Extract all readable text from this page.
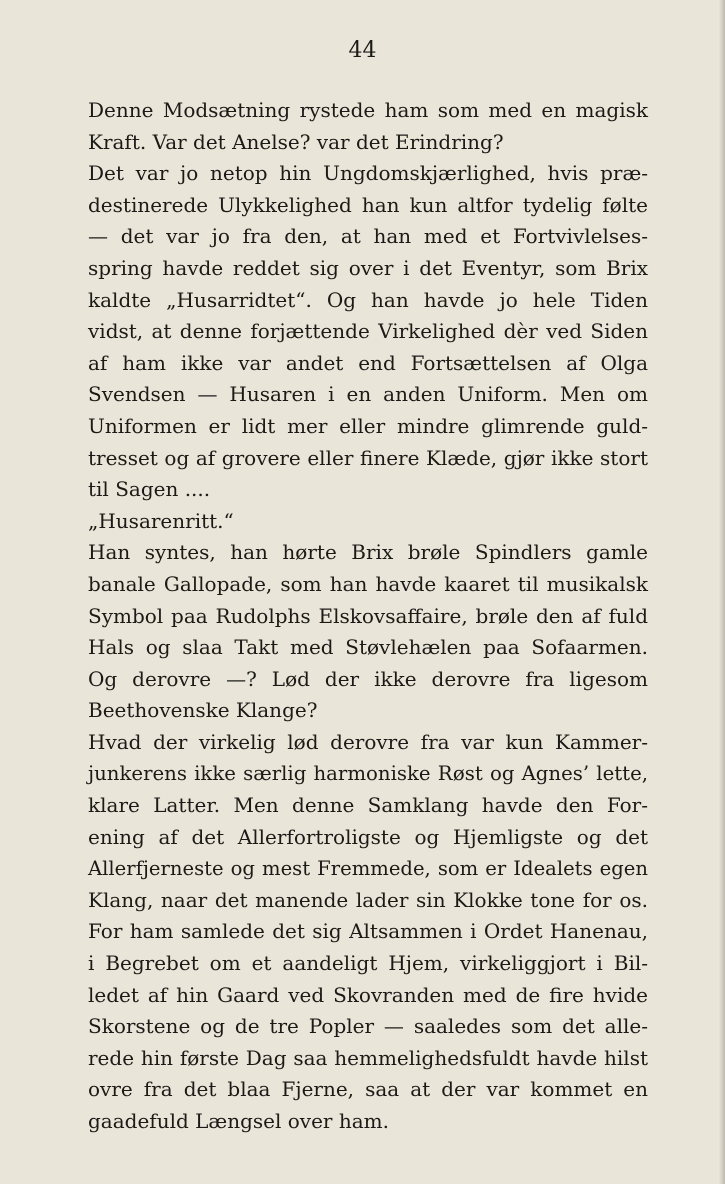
44
Denne Modsætning rystede ham som med en magisk
Kraft. Var det Anelse? var det Erindring?
Det var jo netop hin Ungdomskjærlighed, hvis præ-
destinerede Ulykkelighed han kun altfor tydelig følte
— det var jo fra den, at han med et Fortvivlelses-
spring havde reddet sig over i det Eventyr, som Brix
kaldte „Husarridtet“. Og han havde jo hele Tiden
vidst, at denne forjættende Virkelighed dèr ved Siden
af ham ikke var andet end Fortsættelsen af Olga
Svendsen — Husaren i en anden Uniform. Men om
Uniformen er lidt mer eller mindre glimrende guld-
tresset og af grovere eller finere Klæde, gjør ikke stort
til Sagen ....
„Husarenritt.“
Han syntes, han hørte Brix brøle Spindlers gamle
banale Gallopade, som han havde kaaret til musikalsk
Symbol paa Rudolphs Elskovsaffaire, brøle den af fuld
Hals og slaa Takt med Støvlehælen paa Sofaarmen.
Og derovre —? Lød der ikke derovre fra ligesom
Beethovenske Klange?
Hvad der virkelig lød derovre fra var kun Kammer-
junkerens ikke særlig harmoniske Røst og Agnes’ lette,
klare Latter. Men denne Samklang havde den For-
ening af det Allerfortroligste og Hjemligste og det
Allerfjerneste og mest Fremmede, som er Idealets egen
Klang, naar det manende lader sin Klokke tone for os.
For ham samlede det sig Altsammen i Ordet Hanenau,
i Begrebet om et aandeligt Hjem, virkeliggjort i Bil-
ledet af hin Gaard ved Skovranden med de fire hvide
Skorstene og de tre Popler — saaledes som det alle-
rede hin første Dag saa hemmelighedsfuldt havde hilst
ovre fra det blaa Fjerne, saa at der var kommet en
gaadefuld Længsel over ham.
